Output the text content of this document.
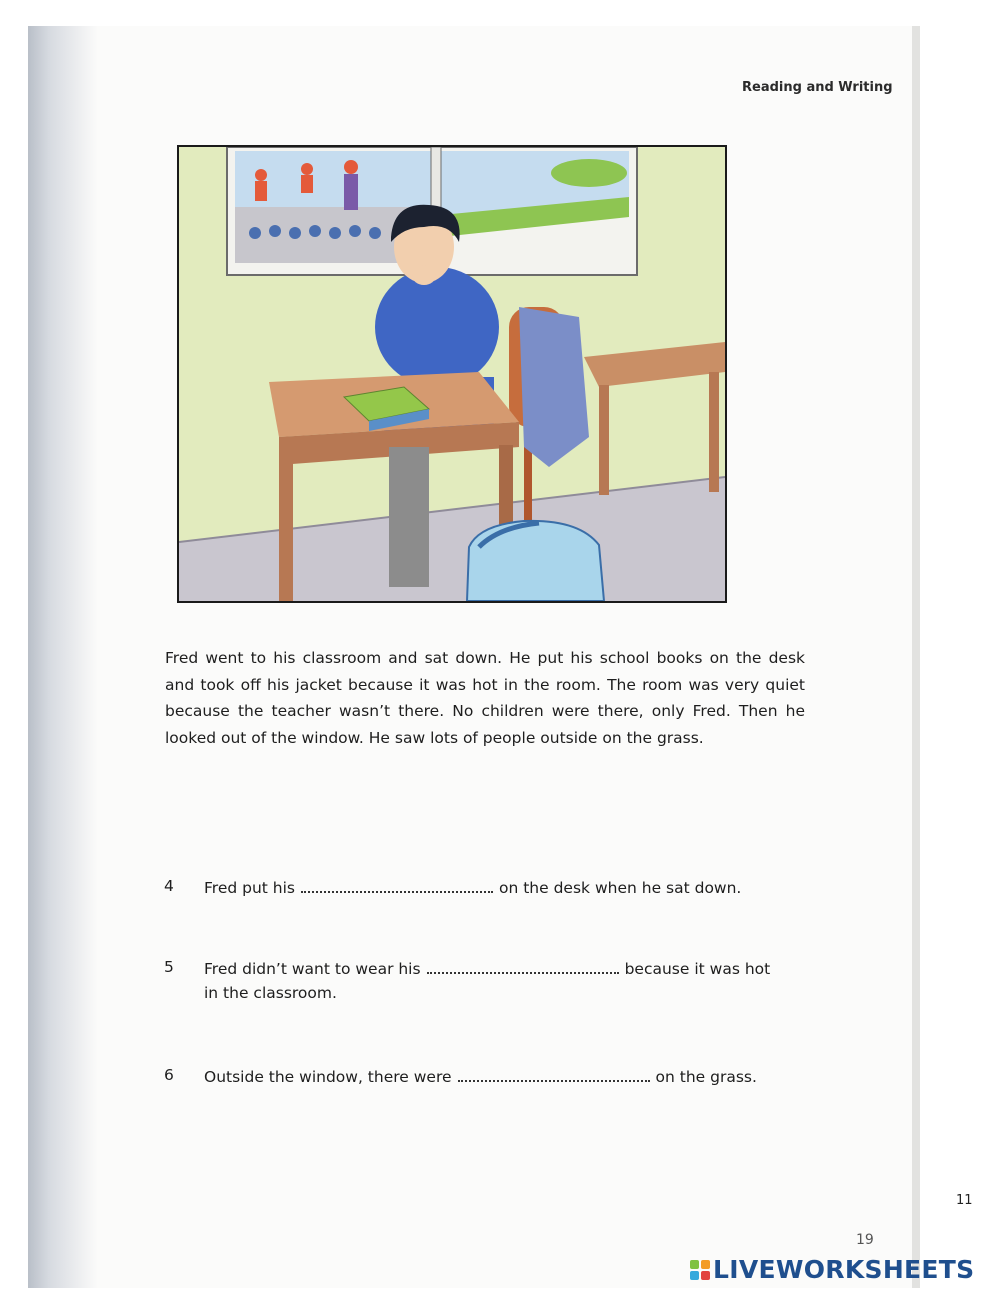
Reading and Writing

Fred went to his classroom and sat down. He put his school books on the desk and took off his jacket because it was hot in the room. The room was very quiet because the teacher wasn’t there. No children were there, only Fred. Then he looked out of the window. He saw lots of people outside on the grass.

4	Fred put his	on the desk when he sat down.
5	Fred didn’t want to wear his	because it was hot
in the classroom.
6	Outside the window, there were	on the grass.
11
19
LIVEWORKSHEETS
